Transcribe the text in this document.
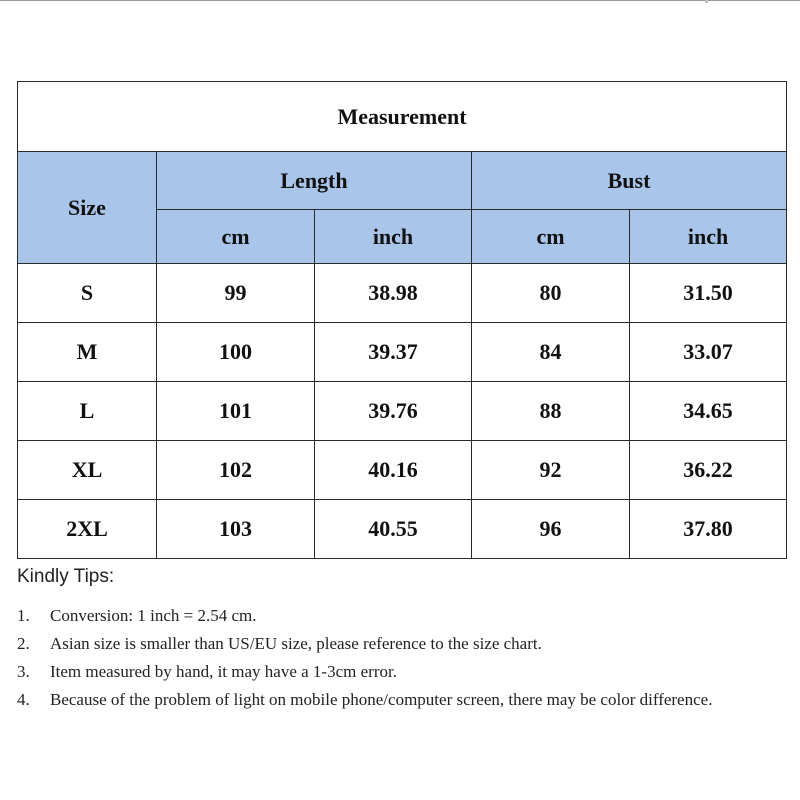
Measurement				
Size	Length		Bust	
	cm	inch	cm	inch
S	99	38.98	80	31.50
M	100	39.37	84	33.07
L	101	39.76	88	34.65
XL	102	40.16	92	36.22
2XL	103	40.55	96	37.80
Kindly Tips:
1.	Conversion: 1 inch = 2.54 cm.
2.	Asian size is smaller than US/EU size, please reference to the size chart.
3.	Item measured by hand, it may have a 1-3cm error.
4.	Because of the problem of light on mobile phone/computer screen, there may be color difference.
